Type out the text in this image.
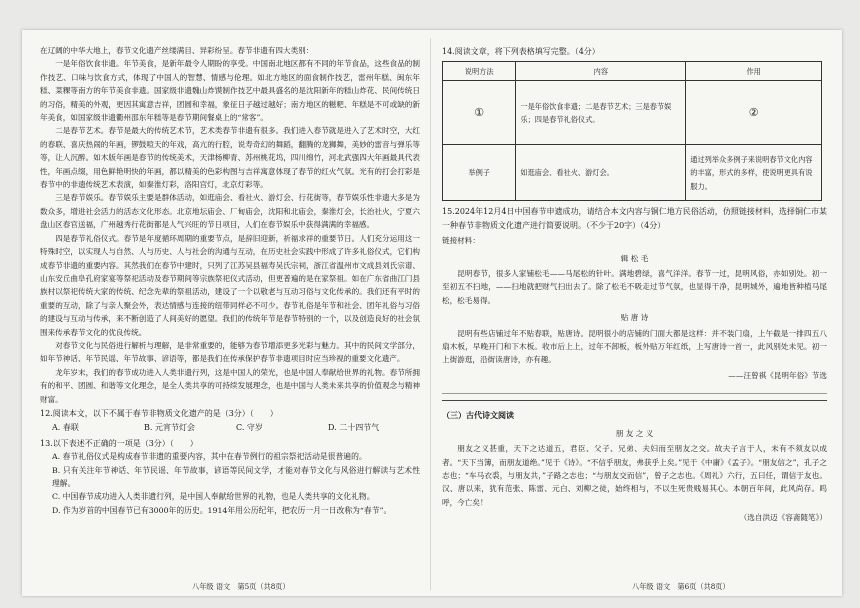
在辽阔的中华大地上，春节文化遗产丝缕满目、异彩纷呈。春节非遗有四大类别：

一是年俗饮食非遗。年节美食，是新年最令人期盼的享受。中国南北地区都有不同的年节食品，这些食品的制作技艺、口味与饮食方式，体现了中国人的智慧、情感与伦理。如北方地区的面食制作技艺，雷州年糕、闽东年糕、菜粿等南方的年节美食非遗。国家级非遗魏山炸馍制作技艺中最具盛名的是沈阳新年的糕山炸花、民间传统日的习俗，精美的外观，更因其寓意吉祥，团圆和幸福，象征日子越过越好；南方地区的糍粑、年糕是不可或缺的新年美食，如国家级非遗衢州邵东年糕等是春节期间餐桌上的“常客”。

二是春节艺术。春节是最大的传统艺术节，艺术类春节非遗有很多。我们进入春节就是进入了艺术时空，大红的春联、喜庆热闹的年画，锣鼓喧天的年戏，高亢的行腔，说寿奇幻的舞蹈，翻腾的龙狮舞，美妙的雷音与弹乐等等，让人沉醉。如木版年画是春节的传统美术，天津杨柳青、苏州桃花坞，四川绵竹，河北武强四大年画最具代表性，年画点缀，用色鲜艳明快的年画，都以精美的色彩构图与吉祥寓意体现了春节的红火气氛。光有的打会打彩是春节中的非遗传统艺术表演，如秦淮灯彩，洛阳宫灯，北京灯彩等。

三是春节娱乐。春节娱乐主要是群体活动，如逛庙会、看社火、游灯会、行花街等，春节娱乐性非遗大多是为数众多，增进社会活力的活态文化形态。北京地坛庙会、厂甸庙会，沈阳和北庙会，秦淮灯会，长治社火，宁夏六盘山区春官送福，广州越秀行花街都是人气兴旺的节日项目，人们在春节娱乐中获得满满的幸福感。

四是春节礼俗仪式。春节是年度循环周期的重要节点，是辞旧迎新，祈福求祥的重要节日。人们充分运用这一特殊时空，以实现人与自然、人与历史、人与社会的沟通与互动，在历史社会实践中形成了许多礼俗仪式，它们构成春节非遗的重要内容。其然我们在春节中建时，只列了江苏吴县福寿吴氏宗祠，浙江省温州市文成县刘氏宗谱、山东安丘曲阜孔府家宴等祭祀活动及春节期间等宗族祭祀仪式活动，但更普遍的是在家祭祖。如在广东省曲江门县族村以祭祀传统大家的传统、纪念先辈的祭祖活动，建设了一个以敬老与互动习俗与文化传承的。我们还有平时的重要的互动，除了与亲人聚会外，表达情感与连接的纽带同样必不可少。春节礼俗是年节和社会、团年礼俗与习俗的建设与互动与传承，来不断创造了人间美好的愿望。我们的传统年节是春节特别的一个，以及创造良好的社会氛围来传承春节文化的优良传统。

对春节文化与民俗进行解析与理解，是非常重要的，能够为春节增添更多光彩与魅力。其中的民间文学部分，如年节神话、年节民谣、年节故事、谚语等，都是我们在传承保护春节非遗项目时应当珍视的重要文化遗产。

龙年岁末，我们的春节成功进入人类非遗行列，这是中国人的荣光，也是中国人奉献给世界的礼物。春节所拥有的和平、团圆、和谐等文化理念，是全人类共享的可持续发展理念，也是中国与人类未来共享的价值观念与精神财富。

12.阅读本文，以下不属于春节非物质文化遗产的是（3分）（　　）

A. 春联	B. 元宵节灯会	C. 守岁	D. 二十四节气

13.以下表述不正确的一项是（3分）（　　）

A. 春节礼俗仪式是构成春节非遗的重要内容，其中在春节例行的祖宗祭祀活动是很普遍的。

B. 只有关注年节神话、年节民谣、年节故事，谚语等民间文学，才能对春节文化与风俗进行解读与艺术性理解。

C. 中国春节成功进入人类非遗行列，是中国人奉献给世界的礼物，也是人类共享的文化礼物。

D. 作为岁首的中国春节已有3000年的历史。1914年用公历纪年，把农历一月一日改称为“春节”。

14.阅读文章，将下列表格填写完整。（4分）

说明方法	内容	作用
①	一是年俗饮食非遗；二是春节艺术；三是春节娱乐；四是春节礼俗仪式。	②
举例子	如逛庙会、看社火、游灯会。	通过列举众多例子来说明春节文化内容的丰富，形式的多样，使说明更具有说服力。

15.2024年12月4日中国春节申遗成功，请结合本文内容与铜仁地方民俗活动，仿照链接材料，选择铜仁市某一种春节非物质文化遗产进行简要说明。（不少于20字）（4分）

链接材料：

辑 松 毛

昆明春节，很多人家铺松毛——马尾松的针叶。满地碧绿，喜气洋洋。春节一过，昆明风俗，亦如别处。初一至初五不扫地，——扫地就把财气扫出去了。除了松毛不吸走过节气氛，也显得干净，昆明城外，遍地皆种植马尾松，松毛易得。

贴 唐 诗

昆明有些店铺过年不贴春联，贴唐诗。昆明很小的店铺的门面大都是这样：并不装门扇，上午截是一排四五八扇木板，早晚开门和下木板。收市后上上，过年不卸板，板外贴万年红纸，上写唐诗一首一，此风别处未见。初一上街游逛，沿街读唐诗，亦有趣。

——汪曾祺《昆明年俗》节选

（三）古代诗文阅读

朋 友 之 义

朋友之义甚重，天下之达道五，君臣、父子、兄弟、夫妇而至朋友之交。故夫子言于人，未有不须友以成者。“天下当簿，而朋友道绝。”见于《诗》。“不信乎朋友，弗获乎上矣。”见于《中庸》《孟子》。“朋友信之”，孔子之志也；“车马衣裘，与朋友共，”子路之志也；“与朋友交而信”，曾子之志也。《周礼》六行，五曰任，谓信于友也。汉、唐以来，犹有范张、陈雷、元白、刘柳之徒，始终相与，不以生死贵贱易其心。本朝百年间，此风尚存。呜呼，今亡矣！

（选自洪迈《容斋随笔》）

八年级 语文　第5页（共8页）	八年级 语文　第6页（共8页）
